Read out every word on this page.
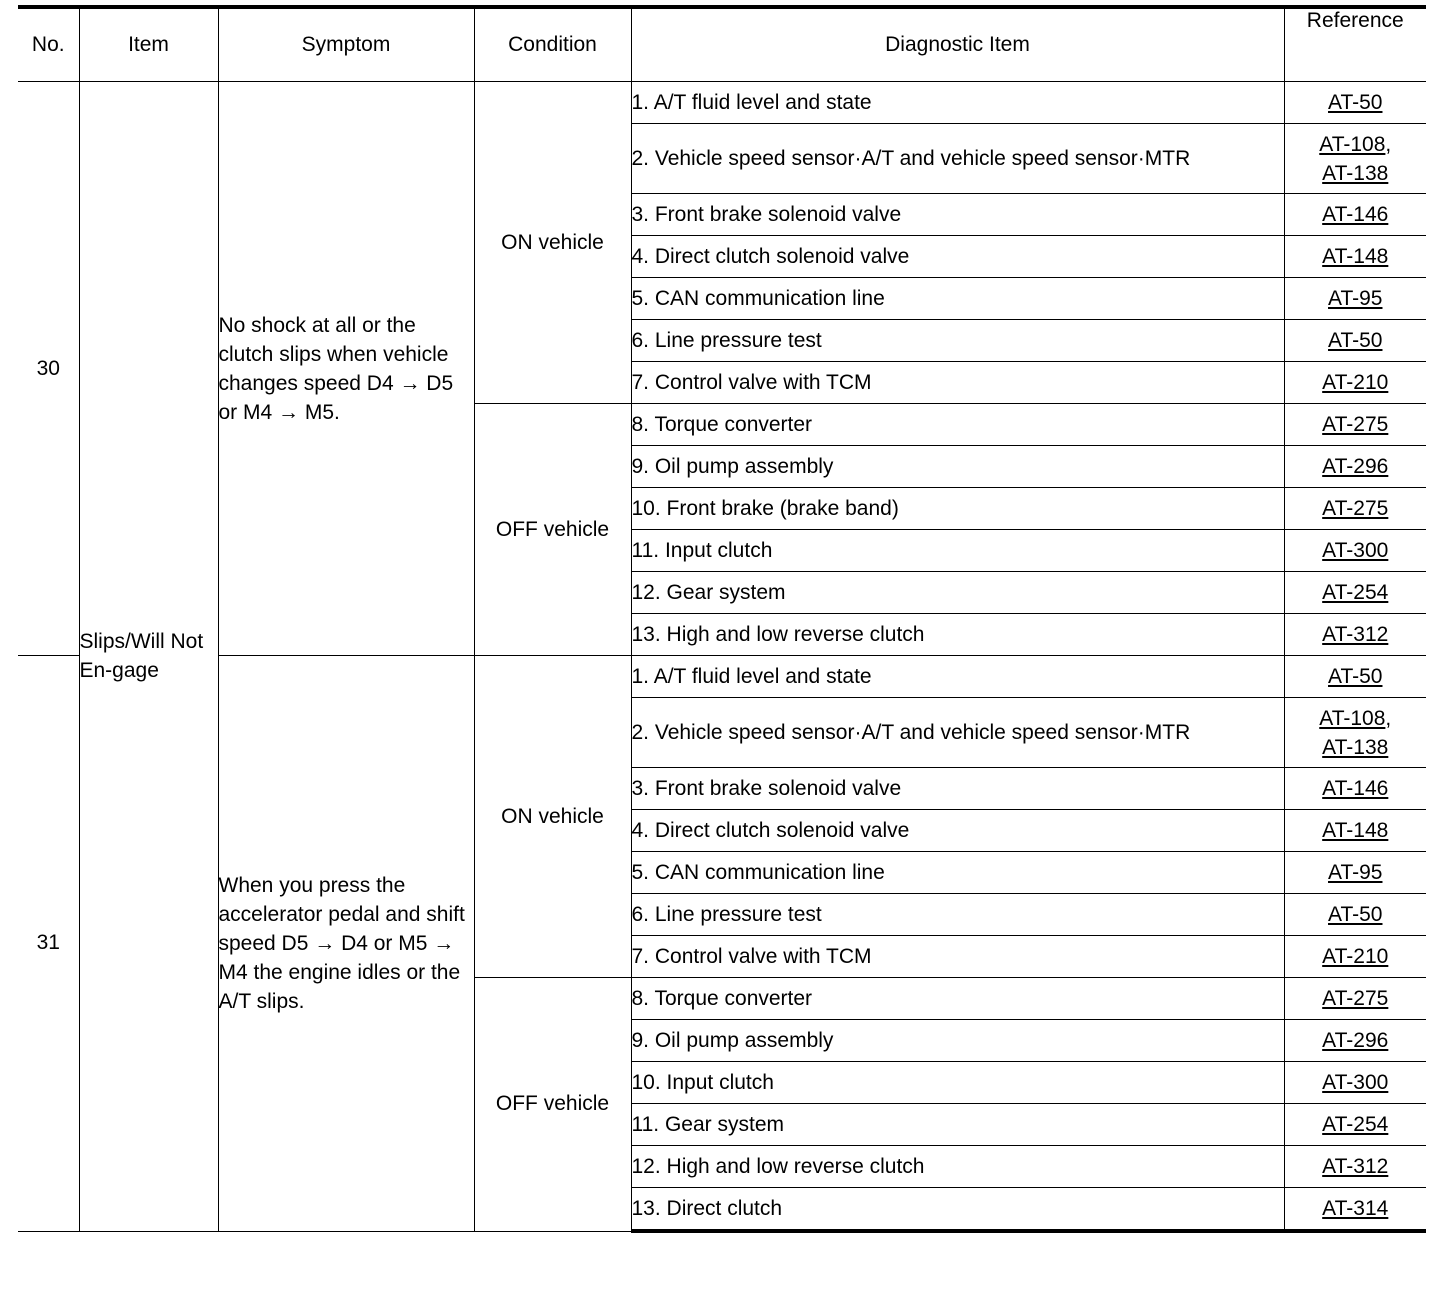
No.	Item	Symptom	Condition	Diagnostic Item	Reference
30	Slips/Will Not En-gage	No shock at all or the clutch slips when vehicle changes speed D4 → D5 or M4 → M5.	ON vehicle	1. A/T fluid level and state	AT-50
				2. Vehicle speed sensor·A/T and vehicle speed sensor·MTR	AT-108,
AT-138
				3. Front brake solenoid valve	AT-146
				4. Direct clutch solenoid valve	AT-148
				5. CAN communication line	AT-95
				6. Line pressure test	AT-50
				7. Control valve with TCM	AT-210
			OFF vehicle	8. Torque converter	AT-275
				9. Oil pump assembly	AT-296
				10. Front brake (brake band)	AT-275
				11. Input clutch	AT-300
				12. Gear system	AT-254
				13. High and low reverse clutch	AT-312
31		When you press the accelerator pedal and shift speed D5 → D4 or M5 → M4 the engine idles or the A/T slips.	ON vehicle	1. A/T fluid level and state	AT-50
				2. Vehicle speed sensor·A/T and vehicle speed sensor·MTR	AT-108,
AT-138
				3. Front brake solenoid valve	AT-146
				4. Direct clutch solenoid valve	AT-148
				5. CAN communication line	AT-95
				6. Line pressure test	AT-50
				7. Control valve with TCM	AT-210
			OFF vehicle	8. Torque converter	AT-275
				9. Oil pump assembly	AT-296
				10. Input clutch	AT-300
				11. Gear system	AT-254
				12. High and low reverse clutch	AT-312
				13. Direct clutch	AT-314
